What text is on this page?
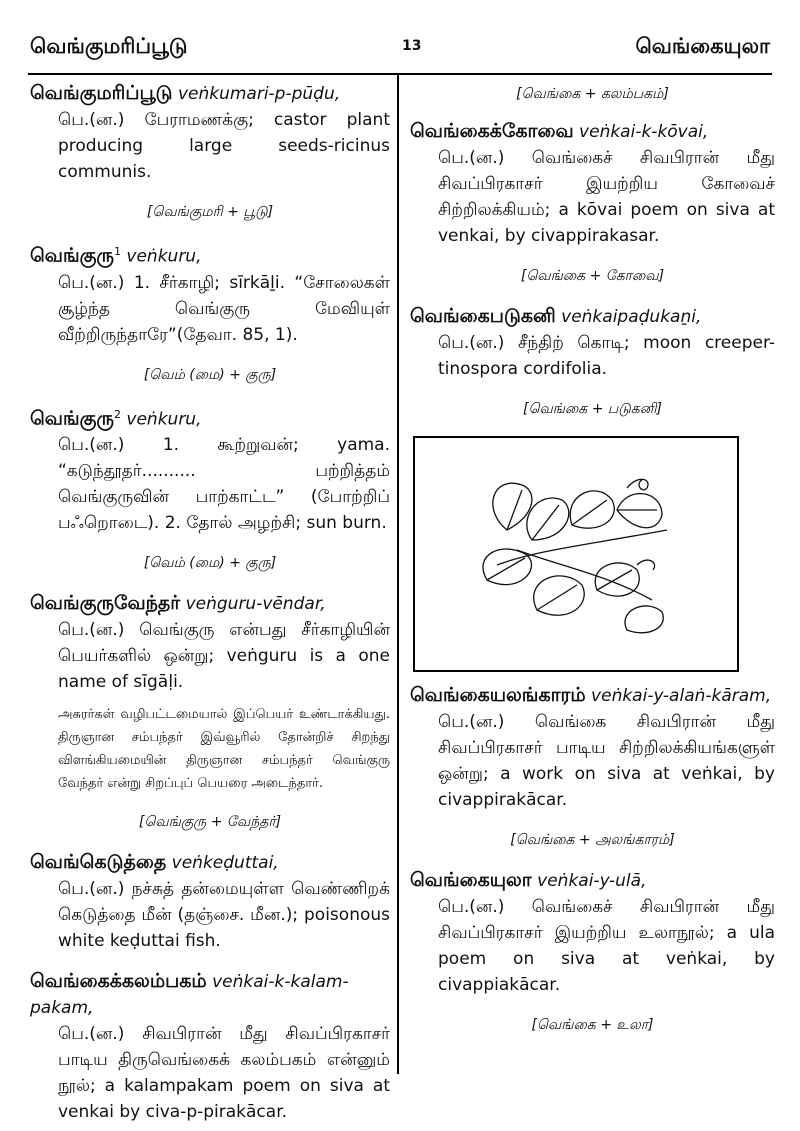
வெங்குமரிப்பூடு	13	வெங்கையுலா
வெங்குமரிப்பூடு veṅkumari-p-pūḍu,
பெ.(ன.) பேராமணக்கு; castor plant producing large seeds-ricinus communis.
[வெங்குமரி + பூடு]
வெங்குரு$^1$ veṅkuru,
பெ.(ன.) 1. சீர்காழி; sīrkāḻi. “சோலைகள் சூழ்ந்த வெங்குரு மேவியுள் வீற்றிருந்தாரே”(தேவா. 85, 1).
[வெம் (மை) + குரு]
வெங்குரு$^2$ veṅkuru,
பெ.(ன.) 1. கூற்றுவன்; yama. “கடுந்தூதர்.......... பற்றித்தம் வெங்குருவின் பாற்காட்ட” (போற்றிப் பஃறொடை). 2. தோல் அழற்சி; sun burn.
[வெம் (மை) + குரு]
வெங்குருவேந்தர் veṅguru-vēndar,
பெ.(ன.) வெங்குரு என்பது சீர்காழியின் பெயர்களில் ஒன்று; veṅguru is a one name of sīgāḷi.
அசுரர்கள் வழிபட்டமையால் இப்பெயர் உண்டாக்கியது. திருஞான சம்பந்தர் இவ்வூரில் தோன்றிச் சிறந்து விளங்கியமையின் திருஞான சம்பந்தர் வெங்குரு வேந்தர் என்று சிறப்புப் பெயரை அடைந்தார்.
[வெங்குரு + வேந்தர்]
வெங்கெடுத்தை veṅkeḍuttai,
பெ.(ன.) நச்சுத் தன்மையுள்ள வெண்ணிறக் கெடுத்தை மீன் (தஞ்சை. மீன.); poisonous white keḍuttai fish.
வெங்கைக்கலம்பகம் veṅkai-k-kalam-pakam,
பெ.(ன.) சிவபிரான் மீது சிவப்பிரகாசர் பாடிய திருவெங்கைக் கலம்பகம் என்னும் நூல்; a kalampakam poem on siva at venkai by civa-p-pirakācar.
[வெங்கை + கலம்பகம்]
வெங்கைக்கோவை veṅkai-k-kōvai,
பெ.(ன.) வெங்கைச் சிவபிரான் மீது சிவப்பிரகாசர் இயற்றிய கோவைச் சிற்றிலக்கியம்; a kōvai poem on siva at venkai, by civappirakasar.
[வெங்கை + கோவை]
வெங்கைபடுகனி veṅkaipaḍukaṉi,
பெ.(ன.) சீந்திற் கொடி; moon creeper-tinospora cordifolia.
[வெங்கை + படுகனி]
வெங்கையலங்காரம் veṅkai-y-alaṅ-kāram,
பெ.(ன.) வெங்கை சிவபிரான் மீது சிவப்பிரகாசர் பாடிய சிற்றிலக்கியங்களுள் ஒன்று; a work on siva at veṅkai, by civappirakācar.
[வெங்கை + அலங்காரம்]
வெங்கையுலா veṅkai-y-ulā,
பெ.(ன.) வெங்கைச் சிவபிரான் மீது சிவப்பிரகாசர் இயற்றிய உலாநூல்; a ula poem on siva at veṅkai, by civappiakācar.
[வெங்கை + உலா]
